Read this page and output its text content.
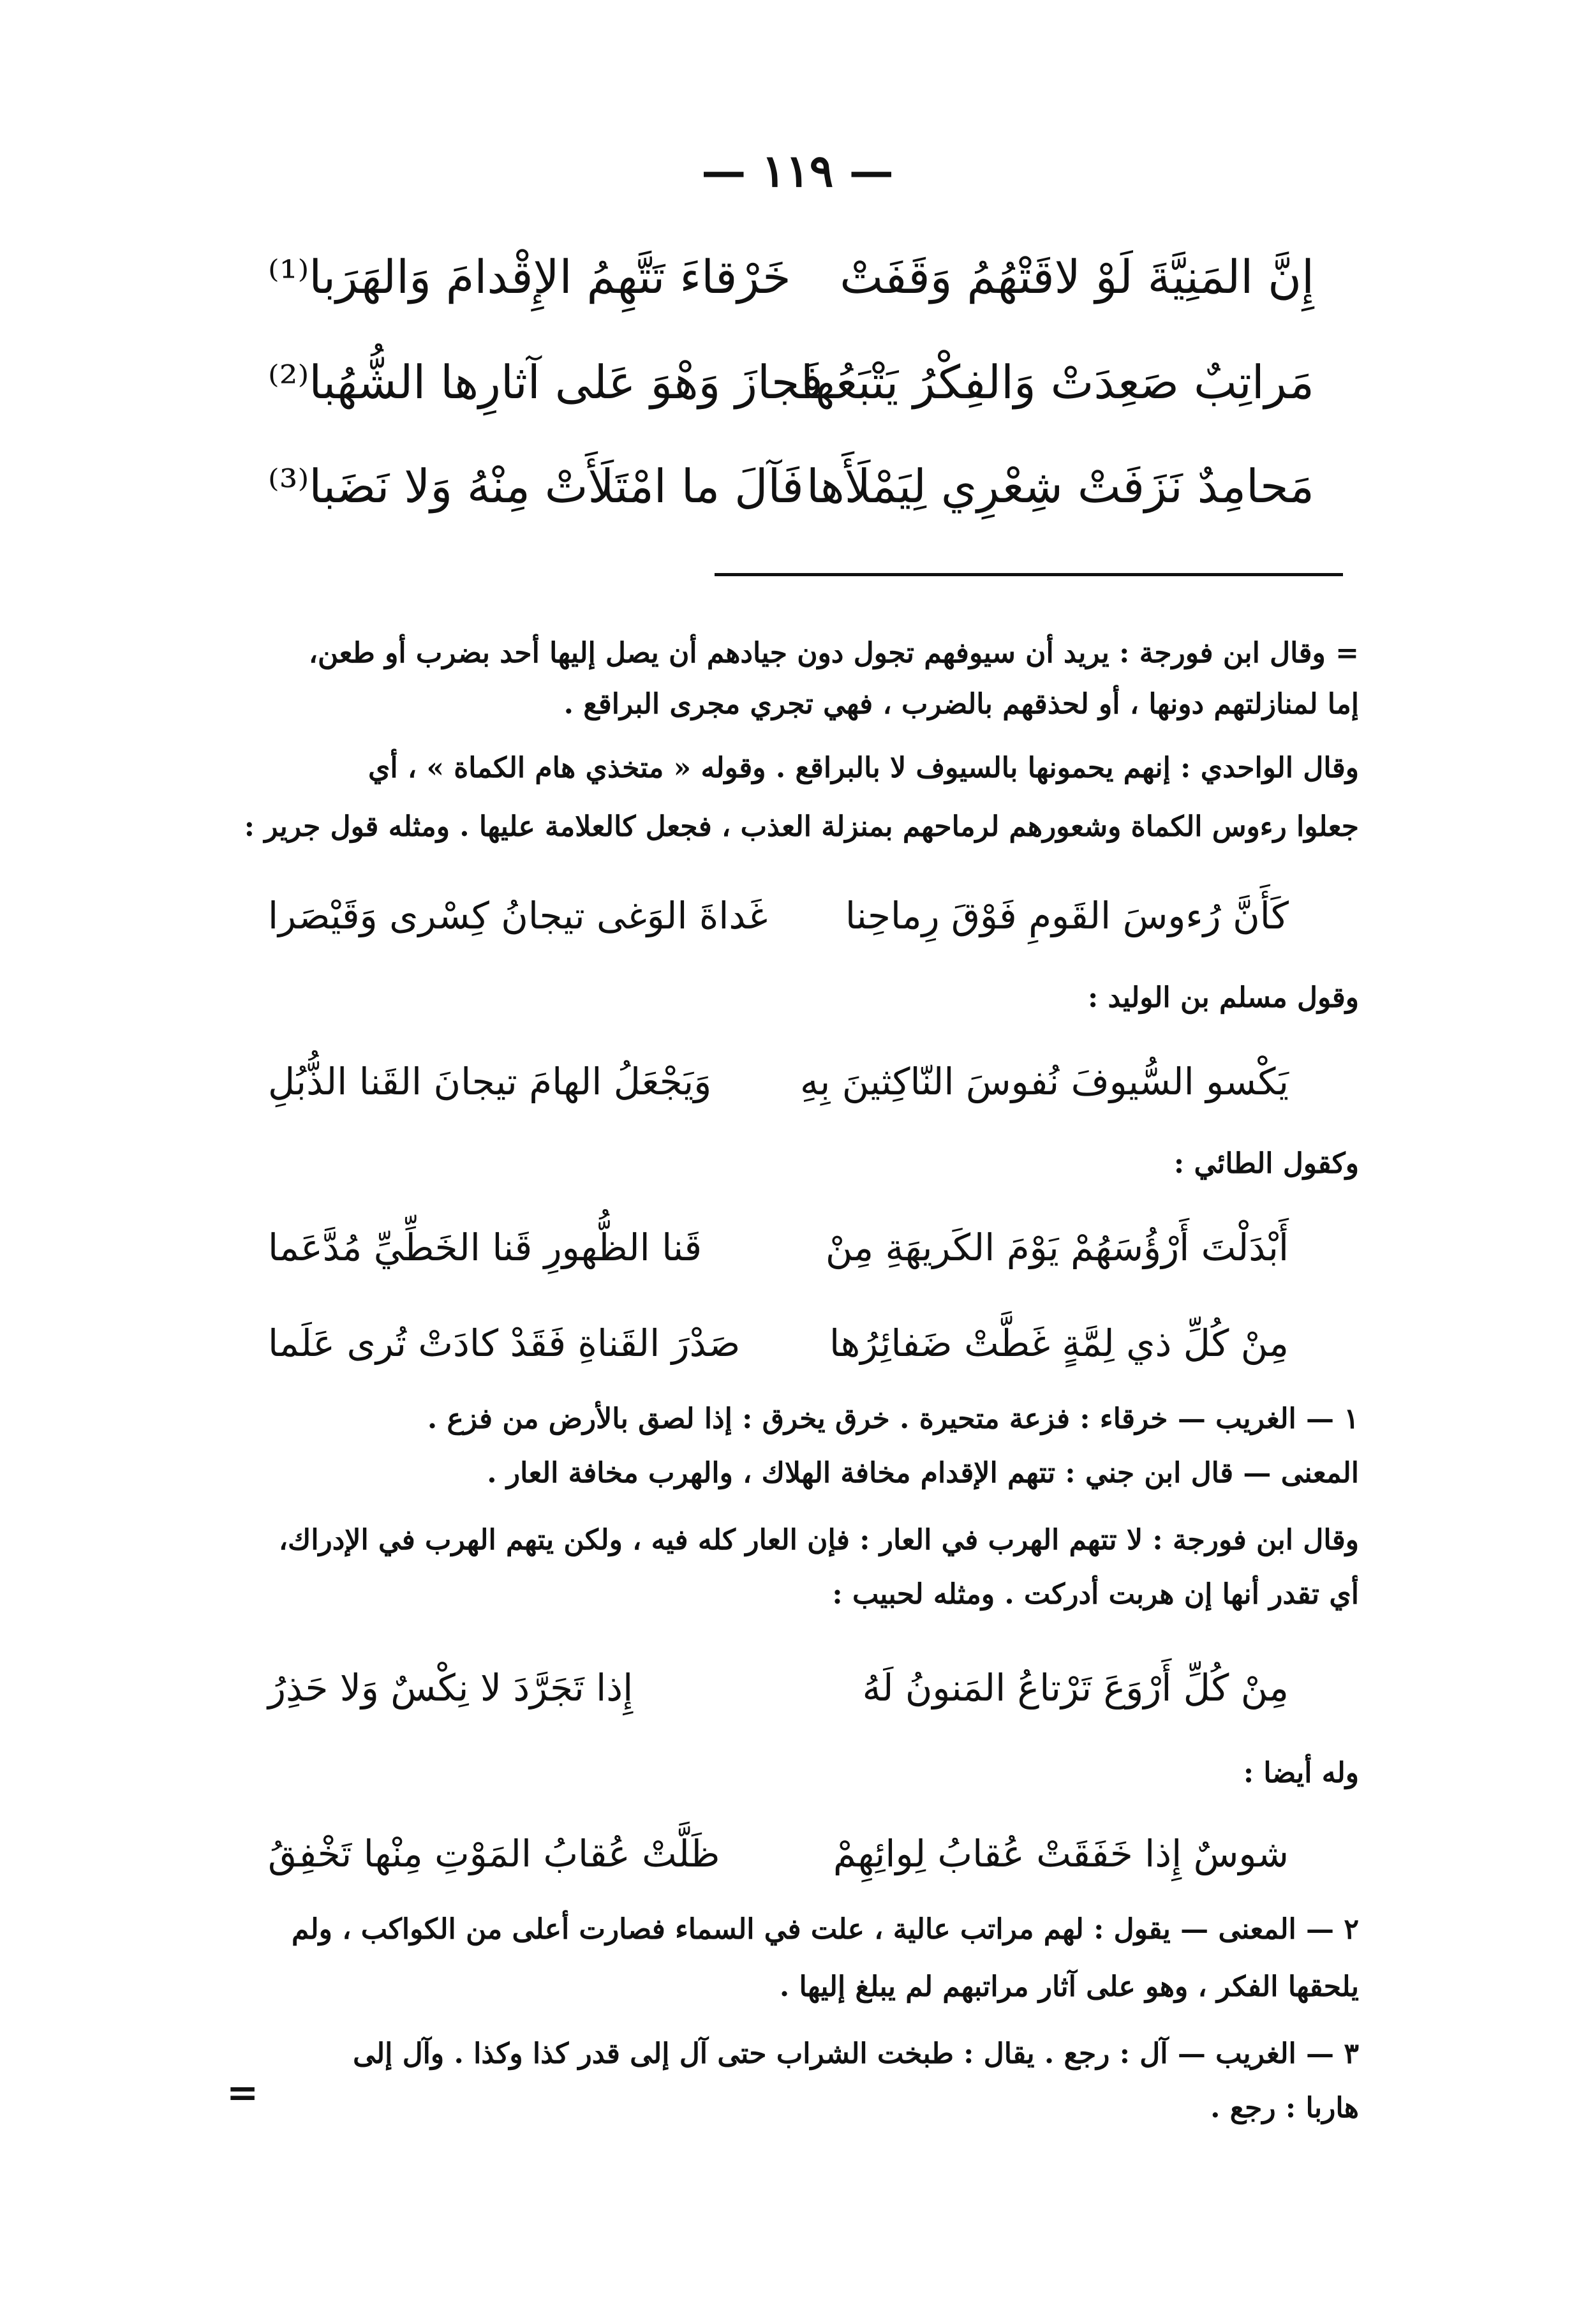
— ١١٩ —
إِنَّ المَنِيَّةَ لَوْ لاقَتْهُمُ وَقَفَتْ
خَرْقاءَ تَتَّهِمُ الإِقْدامَ وَالهَرَبا⁽¹⁾
مَراتِبٌ صَعِدَتْ وَالفِكْرُ يَتْبَعُها
فَجازَ وَهْوَ عَلى آثارِها الشُّهُبا⁽²⁾
مَحامِدٌ نَزَفَتْ شِعْرِي لِيَمْلَأَها
فَآلَ ما امْتَلَأَتْ مِنْهُ وَلا نَضَبا⁽³⁾
= وقال ابن فورجة : يريد أن سيوفهم تجول دون جيادهم أن يصل إليها أحد بضرب أو طعن،
إما لمنازلتهم دونها ، أو لحذقهم بالضرب ، فهي تجري مجرى البراقع .
وقال الواحدي : إنهم يحمونها بالسيوف لا بالبراقع . وقوله « متخذي هام الكماة » ، أي
جعلوا رءوس الكماة وشعورهم لرماحهم بمنزلة العذب ، فجعل كالعلامة عليها . ومثله قول جرير :
كَأَنَّ رُءوسَ القَومِ فَوْقَ رِماحِنا
غَداةَ الوَغى تيجانُ كِسْرى وَقَيْصَرا
وقول مسلم بن الوليد :
يَكْسو السُّيوفَ نُفوسَ النّاكِثينَ بِهِ
وَيَجْعَلُ الهامَ تيجانَ القَنا الذُّبُلِ
وكقول الطائي :
أَبْدَلْتَ أَرْؤُسَهُمْ يَوْمَ الكَريهَةِ مِنْ
قَنا الظُّهورِ قَنا الخَطِّيِّ مُدَّعَما
مِنْ كُلِّ ذي لِمَّةٍ غَطَّتْ ضَفائِرُها
صَدْرَ القَناةِ فَقَدْ كادَتْ تُرى عَلَما
١ — الغريب — خرقاء : فزعة متحيرة . خرق يخرق : إذا لصق بالأرض من فزع .
المعنى — قال ابن جني : تتهم الإقدام مخافة الهلاك ، والهرب مخافة العار .
وقال ابن فورجة : لا تتهم الهرب في العار : فإن العار كله فيه ، ولكن يتهم الهرب في الإدراك،
أي تقدر أنها إن هربت أدركت . ومثله لحبيب :
مِنْ كُلِّ أَرْوَعَ تَرْتاعُ المَنونُ لَهُ
إِذا تَجَرَّدَ لا نِكْسٌ وَلا حَذِرُ
وله أيضا :
شوسٌ إِذا خَفَقَتْ عُقابُ لِوائِهِمْ
ظَلَّتْ عُقابُ المَوْتِ مِنْها تَخْفِقُ
٢ — المعنى — يقول : لهم مراتب عالية ، علت في السماء فصارت أعلى من الكواكب ، ولم
يلحقها الفكر ، وهو على آثار مراتبهم لم يبلغ إليها .
٣ — الغريب — آل : رجع . يقال : طبخت الشراب حتى آل إلى قدر كذا وكذا . وآل إلى
هاربا : رجع .
=
